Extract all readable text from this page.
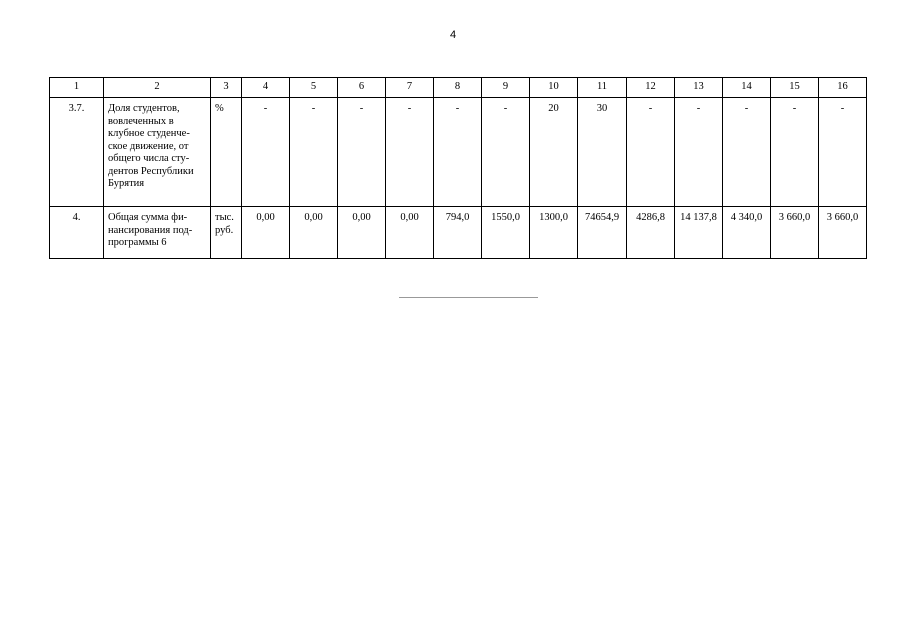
4
1	2	3	4	5	6	7	8	9	10	11	12	13	14	15	16
3.7.	Доля студентов, вовлеченных в клубное студенче-ское движение, от общего числа сту-дентов Республики Бурятия	%	-	-	-	-	-	-	20	30	-	-	-	-	-
4.	Общая сумма фи-нансирования под-программы 6	тыс. руб.	0,00	0,00	0,00	0,00	794,0	1550,0	1300,0	74654,9	4286,8	14 137,8	4 340,0	3 660,0	3 660,0
